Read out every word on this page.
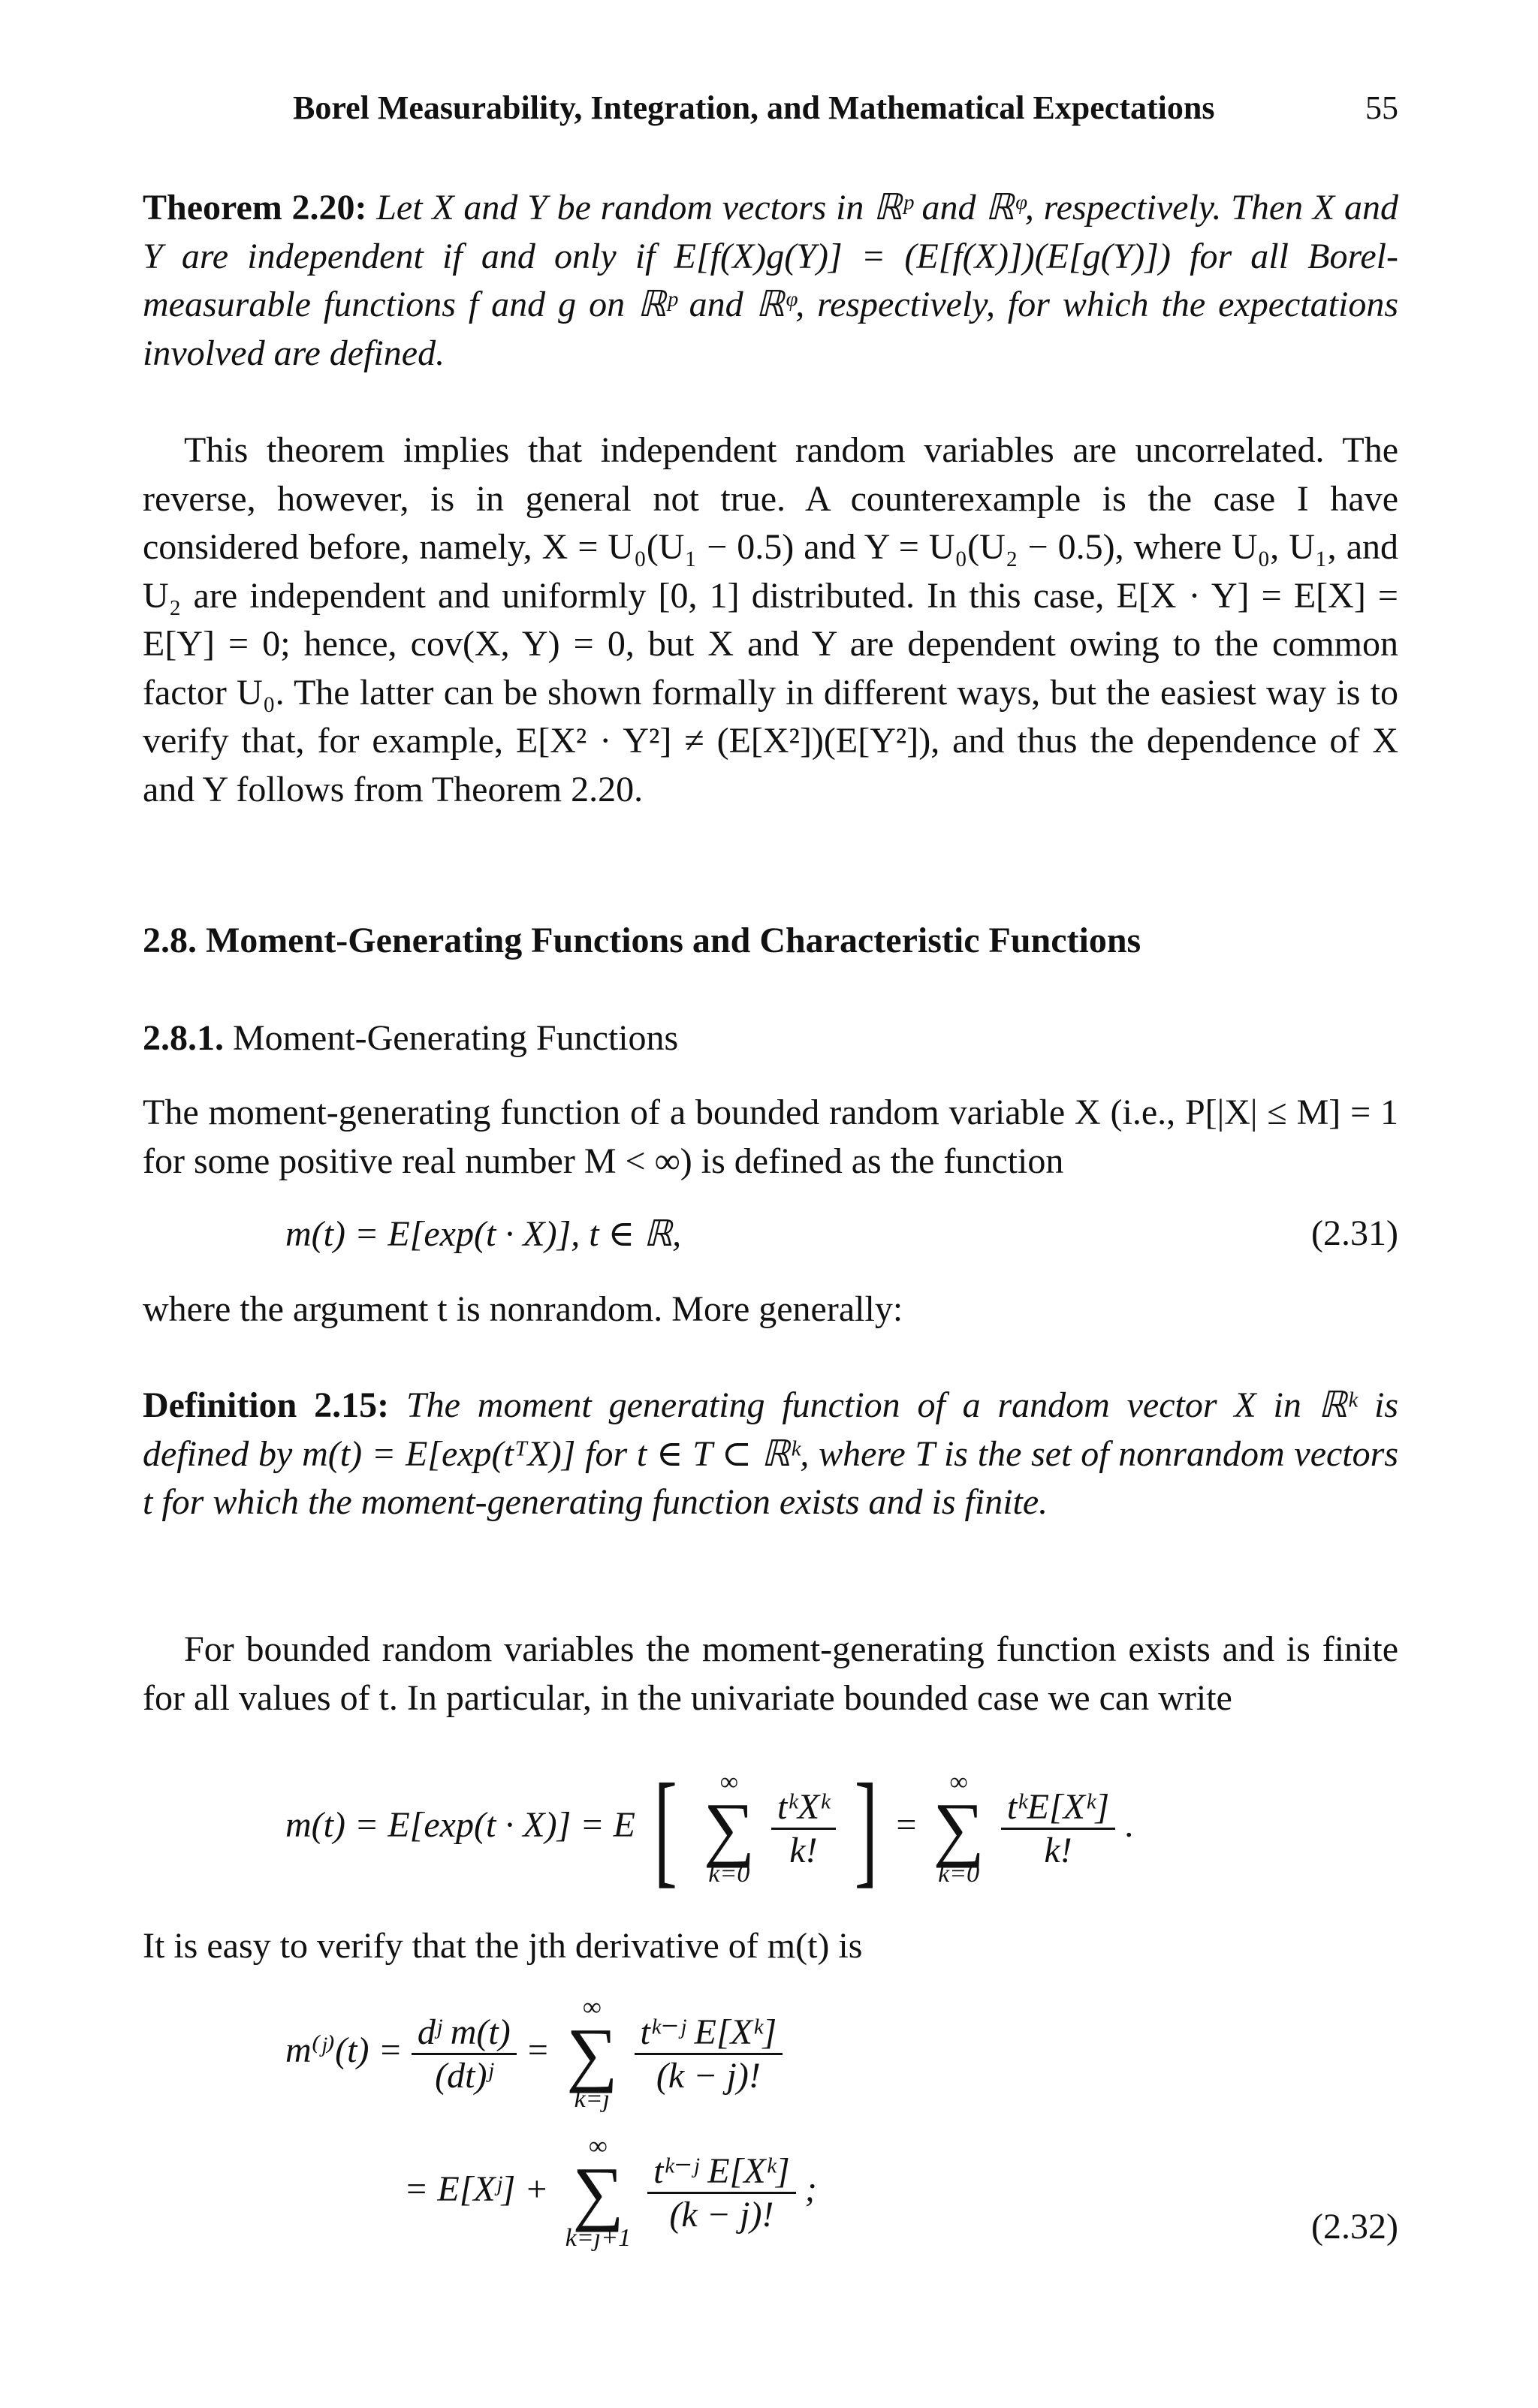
Borel Measurability, Integration, and Mathematical Expectations	55
Theorem 2.20: Let X and Y be random vectors in ℝᵖ and ℝᵠ, respectively. Then X and Y are independent if and only if E[f(X)g(Y)] = (E[f(X)])(E[g(Y)]) for all Borel-measurable functions f and g on ℝᵖ and ℝᵠ, respectively, for which the expectations involved are defined.
This theorem implies that independent random variables are uncorrelated. The reverse, however, is in general not true. A counterexample is the case I have considered before, namely, X = U₀(U₁ − 0.5) and Y = U₀(U₂ − 0.5), where U₀, U₁, and U₂ are independent and uniformly [0, 1] distributed. In this case, E[X · Y] = E[X] = E[Y] = 0; hence, cov(X, Y) = 0, but X and Y are dependent owing to the common factor U₀. The latter can be shown formally in different ways, but the easiest way is to verify that, for example, E[X² · Y²] ≠ (E[X²])(E[Y²]), and thus the dependence of X and Y follows from Theorem 2.20.
2.8. Moment-Generating Functions and Characteristic Functions
2.8.1. Moment-Generating Functions
The moment-generating function of a bounded random variable X (i.e., P[|X| ≤ M] = 1 for some positive real number M < ∞) is defined as the function
m(t) = E[exp(t · X)], t ∈ ℝ,	(2.31)
where the argument t is nonrandom. More generally:
Definition 2.15: The moment generating function of a random vector X in ℝᵏ is defined by m(t) = E[exp(tᵀX)] for t ∈ T ⊂ ℝᵏ, where T is the set of nonrandom vectors t for which the moment-generating function exists and is finite.
For bounded random variables the moment-generating function exists and is finite for all values of t. In particular, in the univariate bounded case we can write
m(t) = E[exp(t · X)] = E [	∞
∑
k=0

$\frac{\text{tᵏXᵏ}}{k!}$ ] =
∞
∑
k=0

$\frac{\text{tᵏE[Xᵏ]}}{k!}$ .
It is easy to verify that the jth derivative of m(t) is
m⁽ʲ⁾(t) = $\frac{\text{dʲ m(t)}}{\text{(dt)ʲ}}$ =
∞
∑
k=j

$\frac{\text{tᵏ⁻ʲ E[Xᵏ]}}{(k - j)!}$
= E[Xʲ] +
∞
∑
k=j+1

$\frac{\text{tᵏ⁻ʲ E[Xᵏ]}}{(k - j)!}$ ;
(2.32)
